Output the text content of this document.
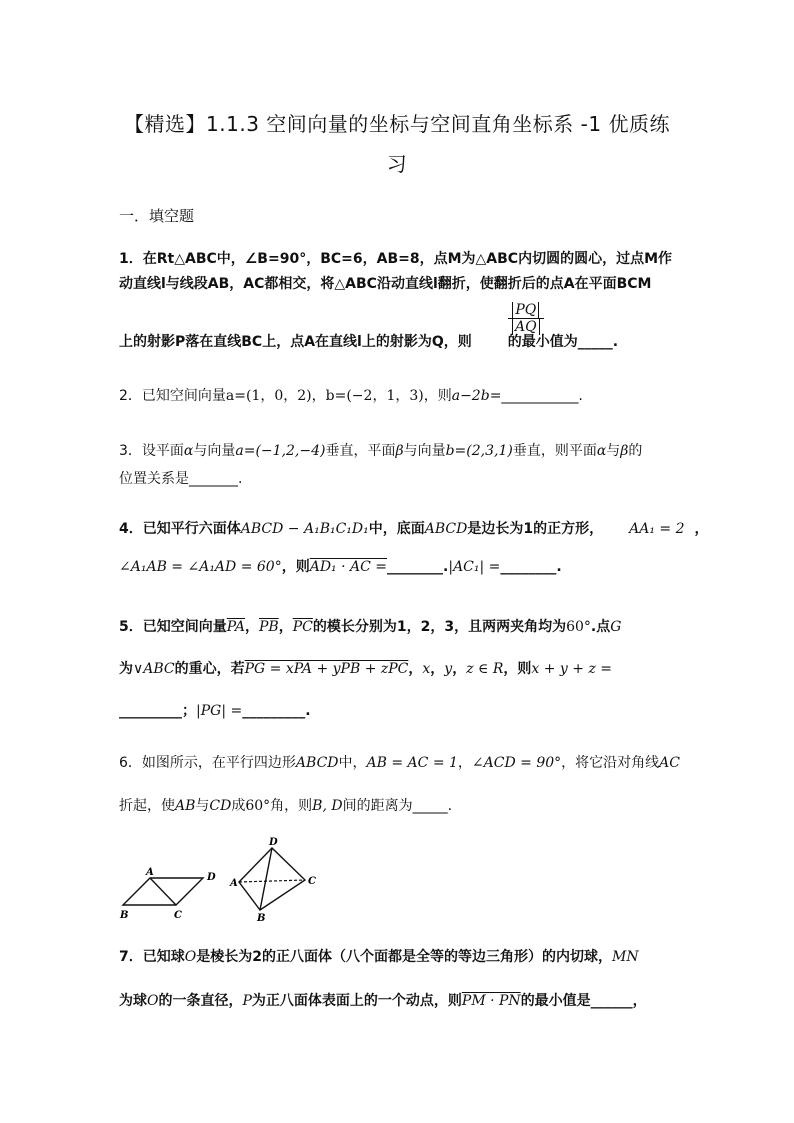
【精选】1.1.3 空间向量的坐标与空间直角坐标系 -1 优质练
习
一．填空题
1．在Rt△ABC中，∠B=90°，BC=6，AB=8，点M为△ABC内切圆的圆心，过点M作
动直线l与线段AB，AC都相交，将△ABC沿动直线l翻折，使翻折后的点A在平面BCM
上的射影P落在直线BC上，点A在直线l上的射影为Q，则	的最小值为_____.
$\frac{PQ}{AQ}$
2．已知空间向量a=(1，0，2)，b=(−2，1，3)，则a−2b=___________.
3．设平面α与向量a=(−1,2,−4)垂直，平面β与向量b=(2,3,1)垂直，则平面α与β的
位置关系是_______.
4．已知平行六面体ABCD − A₁B₁C₁D₁中，底面ABCD是边长为1的正方形， AA₁ = 2 ，
∠A₁AB = ∠A₁AD = 60°，则AD₁ · AC =________.|AC₁| =________.
5．已知空间向量$\overline{PA}$，$\overline{PB}$，$\overline{PC}$的模长分别为1，2，3，且两两夹角均为60°.点G
为∨ABC的重心，若PG = xPA + yPB + zPC，x，y，z ∈ R，则x + y + z =
_________；|PG| =_________.
6．如图所示，在平行四边形ABCD中，AB = AC = 1，∠ACD = 90°，将它沿对角线AC
折起，使AB与CD成60°角，则B, D间的距离为_____.
B
A
C
D
D
A	C
B
7．已知球O是棱长为2的正八面体（八个面都是全等的等边三角形）的内切球，MN
为球O的一条直径，P为正八面体表面上的一个动点，则PM · PN的最小值是______，
